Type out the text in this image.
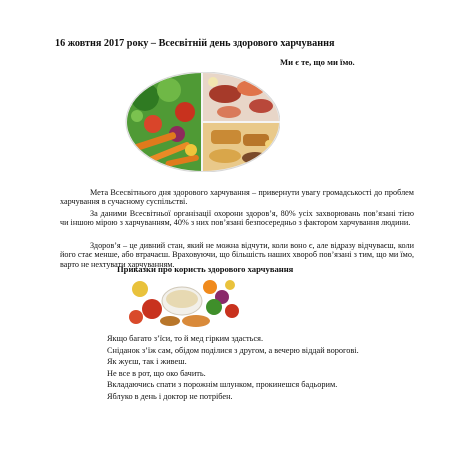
16 жовтня 2017 року – Всесвітній день здорового харчування
Ми є те, що ми їмо.

Мета Всесвітнього дня здорового харчування – привернути увагу громадськості до проблем харчування в сучасному суспільстві.

За даними Всесвітньої організації охорони здоров’я, 80% усіх захворювань пов’язані тією чи іншою мірою з харчуванням, 40% з них пов’язані безпосередньо з фактором харчування людини.

Здоров’я – це дивний стан, який не можна відчути, коли воно є, але відразу відчуваєш, коли його стає менше, або втрачаєш. Враховуючи, що більшість наших хвороб пов’язані з тим, що ми їмо, варто не нехтувати харчуванням.

Приказки про користь здорового харчування
Якщо багато з’їси, то й мед гірким здасться.
Сніданок з’їж сам, обідом поділися з другом, а вечерю віддай ворогові.
Як жуєш, так і живеш.
Не все в рот, що око бачить.
Вкладаючись спати з порожнім шлунком, прокинешся бадьорим.
Яблуко в день і доктор не потрібен.
